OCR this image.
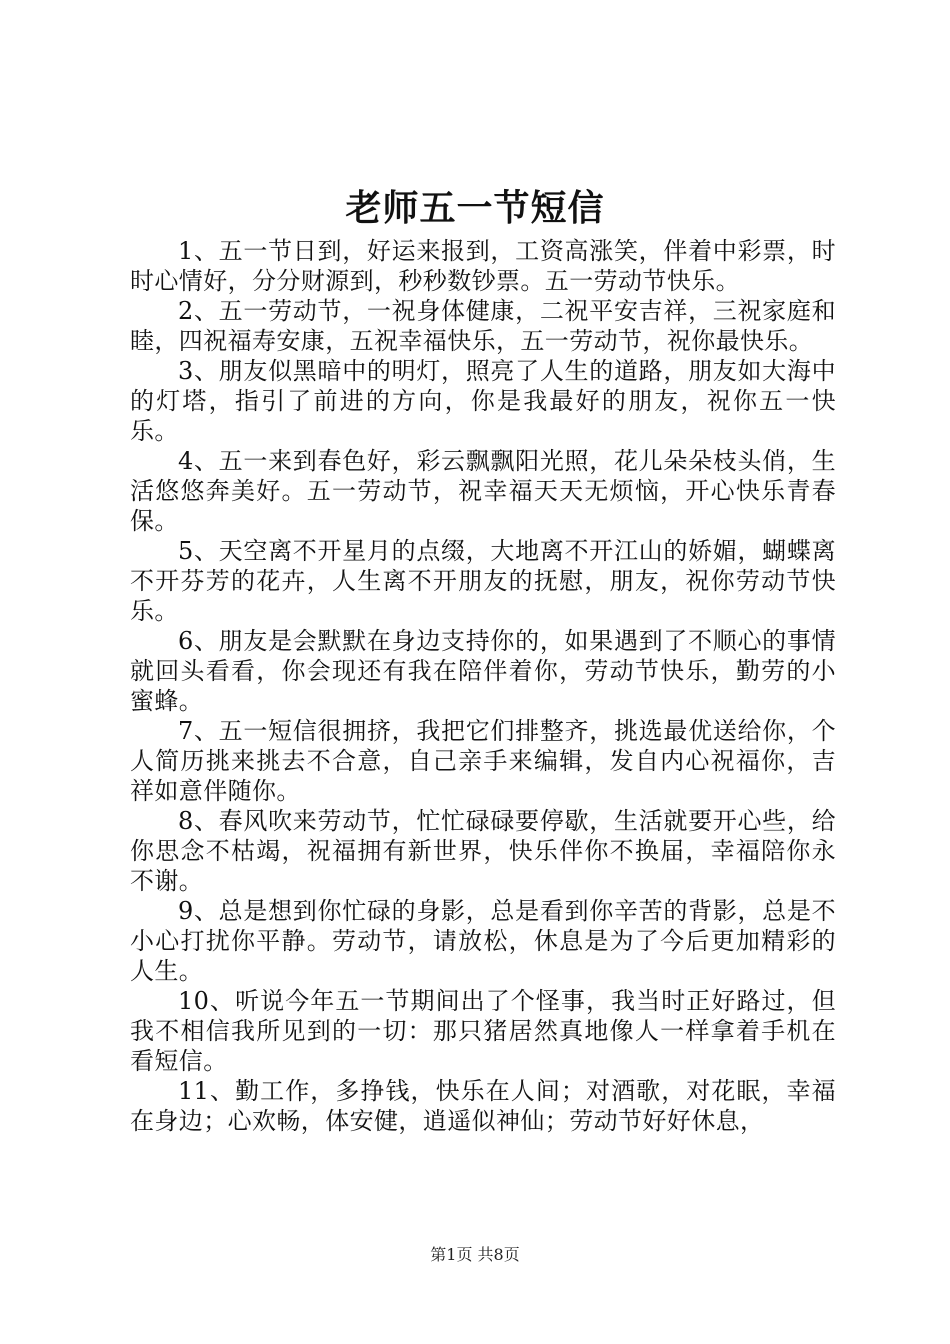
老师五一节短信

1、五一节日到，好运来报到，工资高涨笑，伴着中彩票，时时心情好，分分财源到，秒秒数钞票。五一劳动节快乐。

2、五一劳动节，一祝身体健康，二祝平安吉祥，三祝家庭和睦，四祝福寿安康，五祝幸福快乐，五一劳动节，祝你最快乐。

3、朋友似黑暗中的明灯，照亮了人生的道路，朋友如大海中的灯塔，指引了前进的方向，你是我最好的朋友，祝你五一快乐。

4、五一来到春色好，彩云飘飘阳光照，花儿朵朵枝头俏，生活悠悠奔美好。五一劳动节，祝幸福天天无烦恼，开心快乐青春保。

5、天空离不开星月的点缀，大地离不开江山的娇媚，蝴蝶离不开芬芳的花卉，人生离不开朋友的抚慰，朋友，祝你劳动节快乐。

6、朋友是会默默在身边支持你的，如果遇到了不顺心的事情就回头看看，你会现还有我在陪伴着你，劳动节快乐，勤劳的小蜜蜂。

7、五一短信很拥挤，我把它们排整齐，挑选最优送给你，个人简历挑来挑去不合意，自己亲手来编辑，发自内心祝福你，吉祥如意伴随你。

8、春风吹来劳动节，忙忙碌碌要停歇，生活就要开心些，给你思念不枯竭，祝福拥有新世界，快乐伴你不换届，幸福陪你永不谢。

9、总是想到你忙碌的身影，总是看到你辛苦的背影，总是不小心打扰你平静。劳动节，请放松，休息是为了今后更加精彩的人生。

10、听说今年五一节期间出了个怪事，我当时正好路过，但我不相信我所见到的一切：那只猪居然真地像人一样拿着手机在看短信。

11、勤工作，多挣钱，快乐在人间；对酒歌，对花眠，幸福在身边；心欢畅，体安健，逍遥似神仙；劳动节好好休息，

第1页 共8页
